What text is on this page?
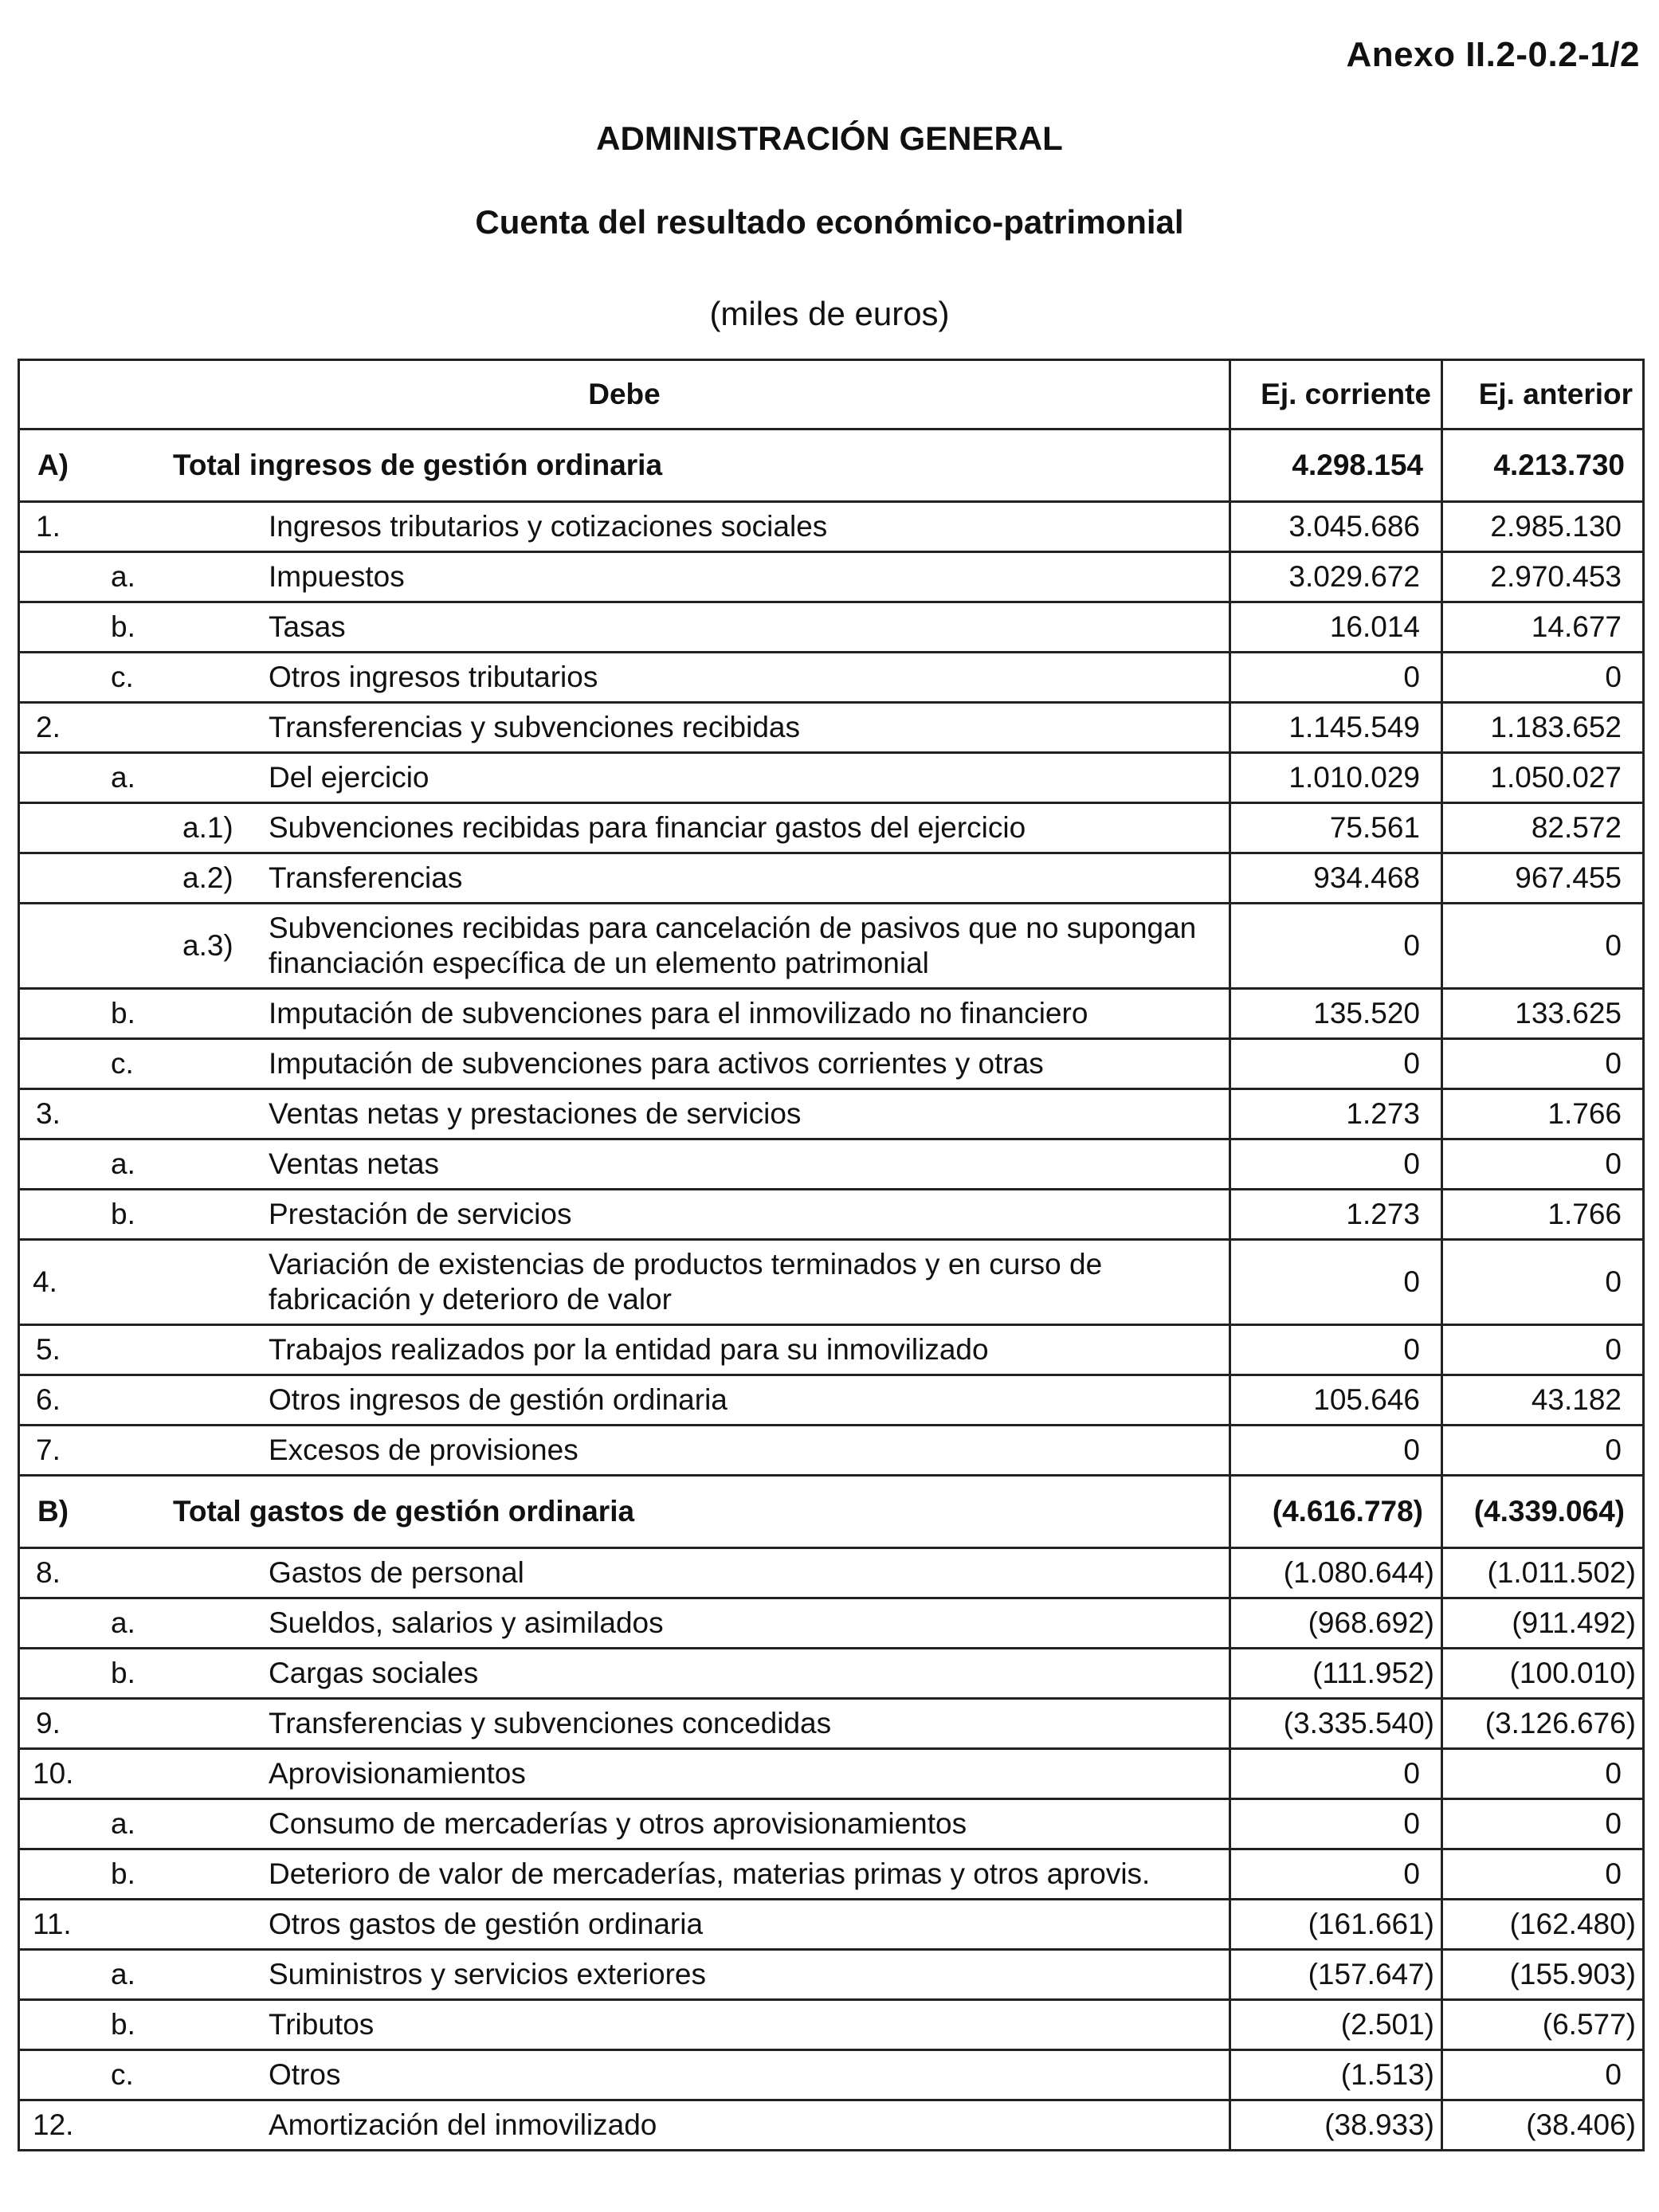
Anexo II.2-0.2-1/2
ADMINISTRACIÓN GENERAL
Cuenta del resultado económico-patrimonial
(miles de euros)
Debe	Ej. corriente	Ej. anterior

A) Total ingresos de gestión ordinaria	4.298.154	4.213.730

1. Ingresos tributarios y cotizaciones sociales	3.045.686	2.985.130

a. Impuestos	3.029.672	2.970.453

b. Tasas	16.014	14.677

c. Otros ingresos tributarios	0	0

2. Transferencias y subvenciones recibidas	1.145.549	1.183.652

a. Del ejercicio	1.010.029	1.050.027

a.1) Subvenciones recibidas para financiar gastos del ejercicio	75.561	82.572

a.2) Transferencias	934.468	967.455

a.3)
Subvenciones recibidas para cancelación de pasivos que no supongan financiación específica de un elemento patrimonial	0	0

b. Imputación de subvenciones para el inmovilizado no financiero	135.520	133.625

c. Imputación de subvenciones para activos corrientes y otras	0	0

3. Ventas netas y prestaciones de servicios	1.273	1.766

a. Ventas netas	0	0

b. Prestación de servicios	1.273	1.766

4.
Variación de existencias de productos terminados y en curso de fabricación y deterioro de valor	0	0

5. Trabajos realizados por la entidad para su inmovilizado	0	0

6. Otros ingresos de gestión ordinaria	105.646	43.182

7. Excesos de provisiones	0	0

B) Total gastos de gestión ordinaria	(4.616.778)	(4.339.064)

8. Gastos de personal	(1.080.644)	(1.011.502)

a. Sueldos, salarios y asimilados	(968.692)	(911.492)

b. Cargas sociales	(111.952)	(100.010)

9. Transferencias y subvenciones concedidas	(3.335.540)	(3.126.676)

10. Aprovisionamientos	0	0

a. Consumo de mercaderías y otros aprovisionamientos	0	0

b. Deterioro de valor de mercaderías, materias primas y otros aprovis.	0	0

11. Otros gastos de gestión ordinaria	(161.661)	(162.480)

a. Suministros y servicios exteriores	(157.647)	(155.903)

b. Tributos	(2.501)	(6.577)

c. Otros	(1.513)	0

12. Amortización del inmovilizado	(38.933)	(38.406)
